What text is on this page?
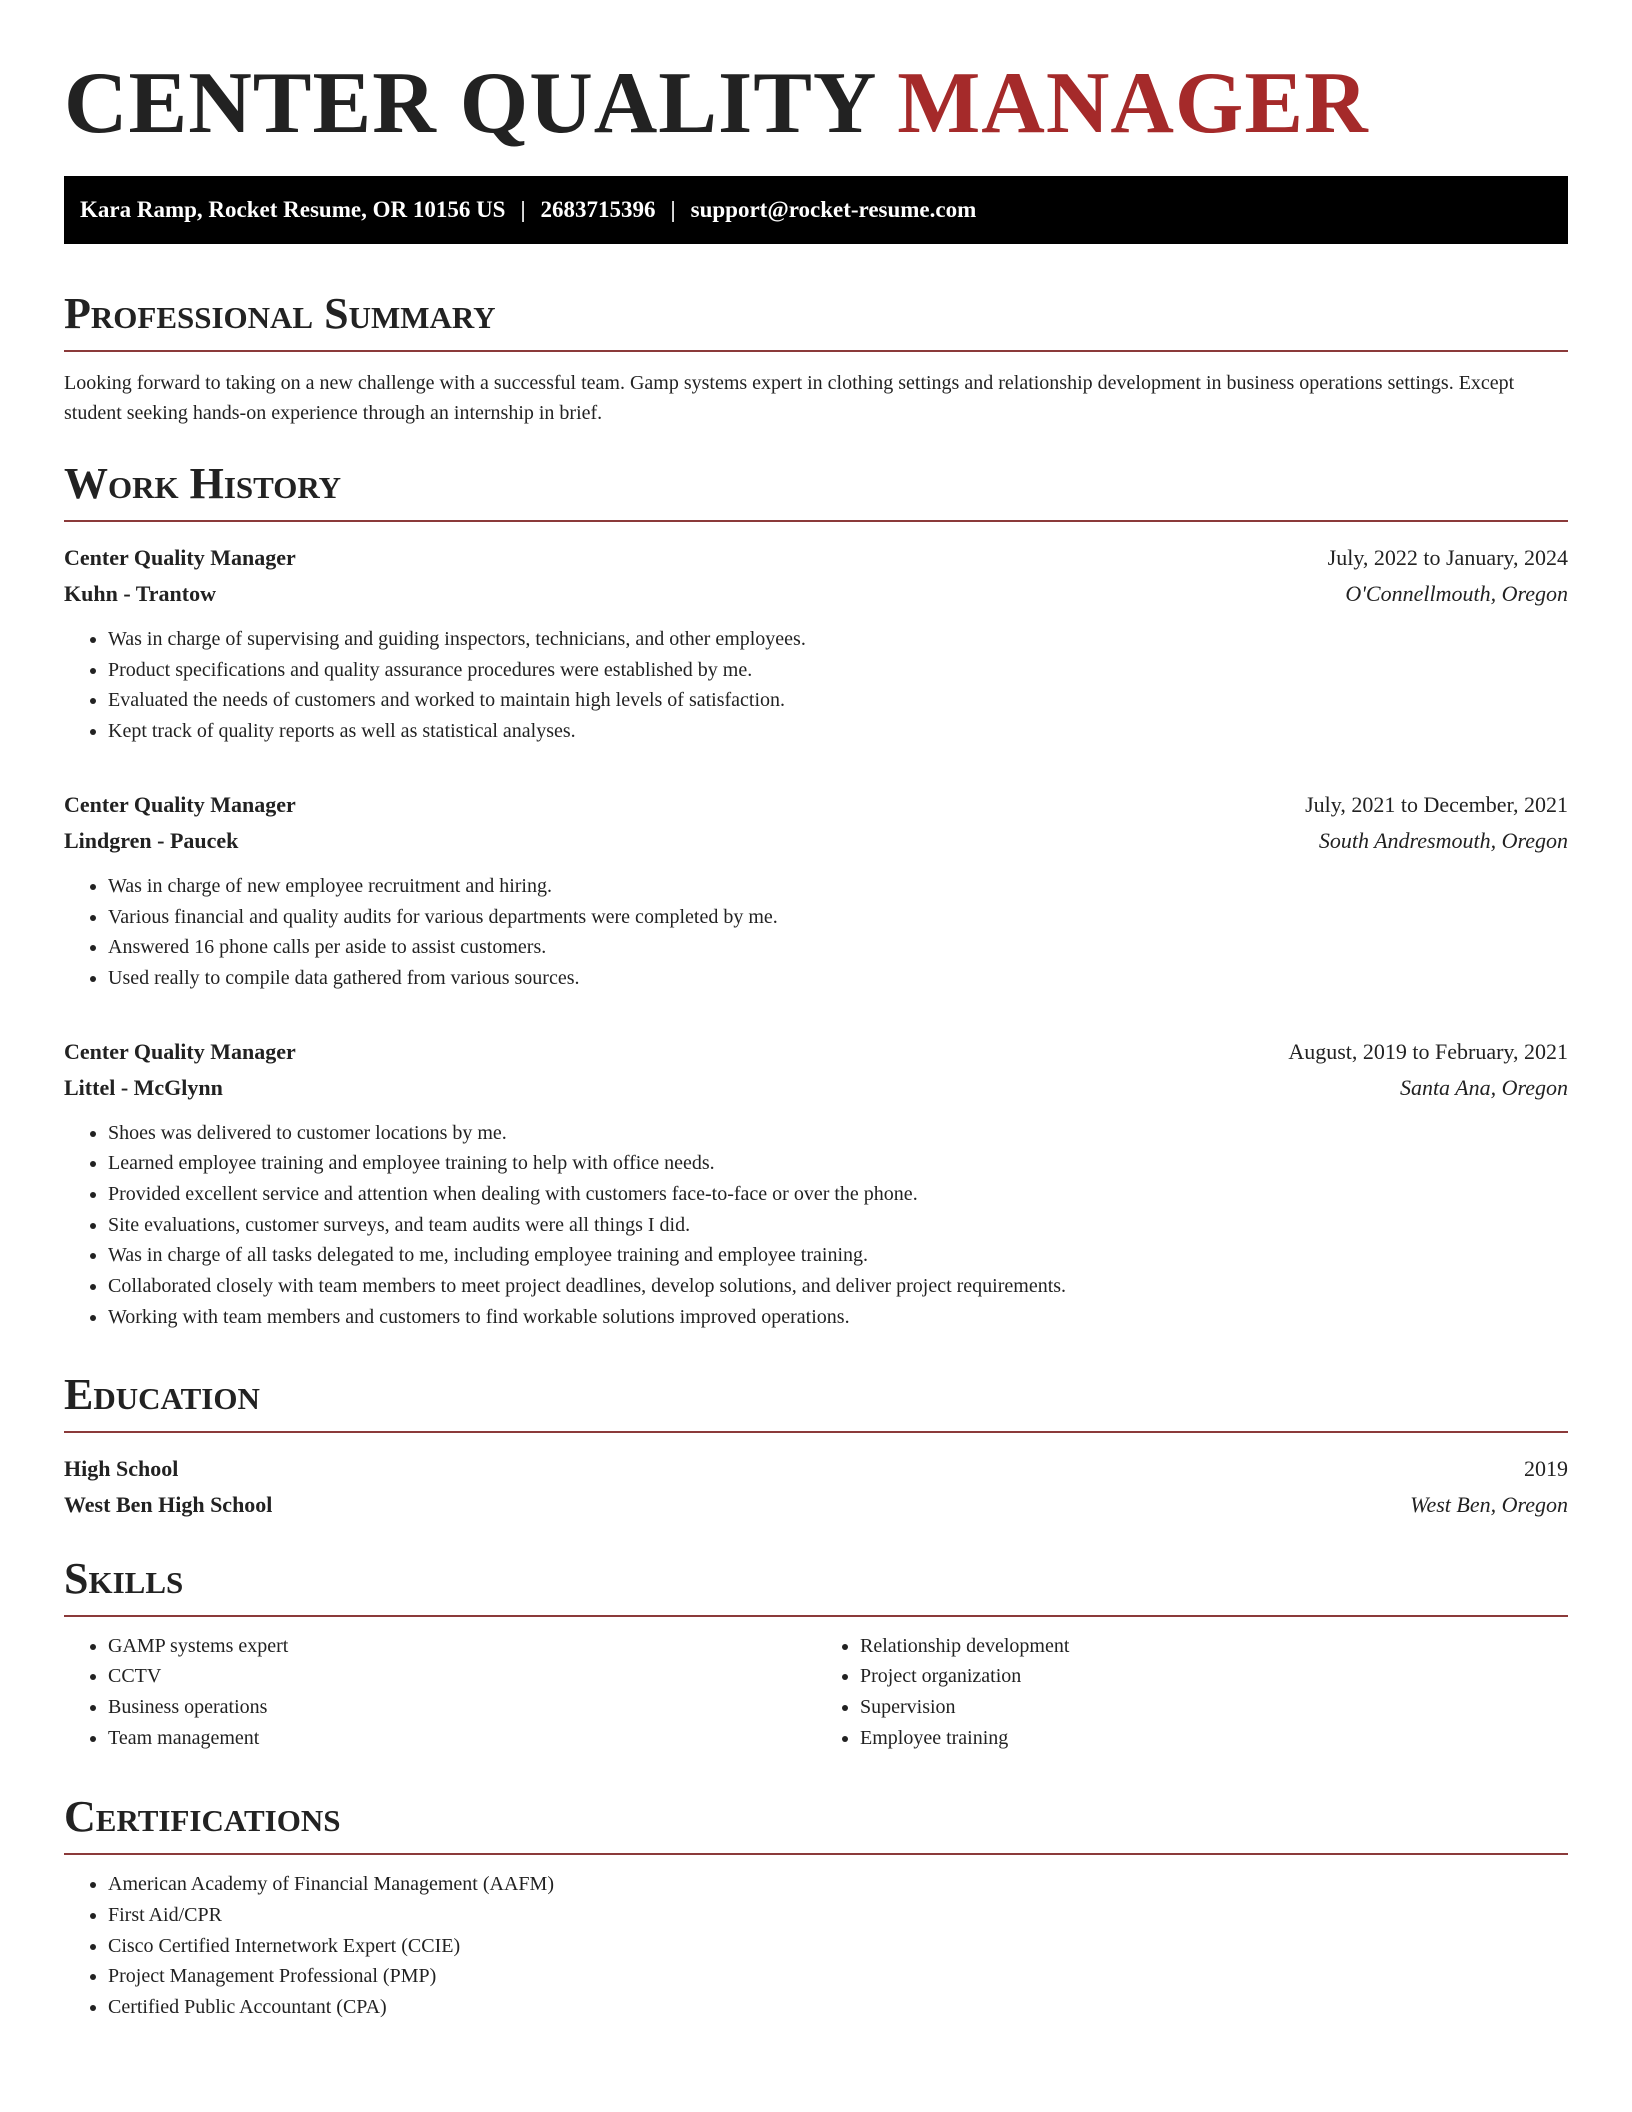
CENTER QUALITY MANAGER
Kara Ramp, Rocket Resume, OR 10156 US | 2683715396 | support@rocket-resume.com
Professional Summary

Looking forward to taking on a new challenge with a successful team. Gamp systems expert in clothing settings and relationship development in business operations settings. Except student seeking hands-on experience through an internship in brief.

Work History
Center Quality Manager	July, 2022 to January, 2024
Kuhn - Trantow	O'Connellmouth, Oregon
• Was in charge of supervising and guiding inspectors, technicians, and other employees.
• Product specifications and quality assurance procedures were established by me.
• Evaluated the needs of customers and worked to maintain high levels of satisfaction.
• Kept track of quality reports as well as statistical analyses.
Center Quality Manager	July, 2021 to December, 2021
Lindgren - Paucek	South Andresmouth, Oregon
• Was in charge of new employee recruitment and hiring.
• Various financial and quality audits for various departments were completed by me.
• Answered 16 phone calls per aside to assist customers.
• Used really to compile data gathered from various sources.
Center Quality Manager	August, 2019 to February, 2021
Littel - McGlynn	Santa Ana, Oregon
• Shoes was delivered to customer locations by me.
• Learned employee training and employee training to help with office needs.
• Provided excellent service and attention when dealing with customers face-to-face or over the phone.
• Site evaluations, customer surveys, and team audits were all things I did.
• Was in charge of all tasks delegated to me, including employee training and employee training.
• Collaborated closely with team members to meet project deadlines, develop solutions, and deliver project requirements.
• Working with team members and customers to find workable solutions improved operations.
Education
High School	2019
West Ben High School	West Ben, Oregon
Skills
• GAMP systems expert
• CCTV
• Business operations
• Team management
• Relationship development
• Project organization
• Supervision
• Employee training
Certifications
• American Academy of Financial Management (AAFM)
• First Aid/CPR
• Cisco Certified Internetwork Expert (CCIE)
• Project Management Professional (PMP)
• Certified Public Accountant (CPA)
